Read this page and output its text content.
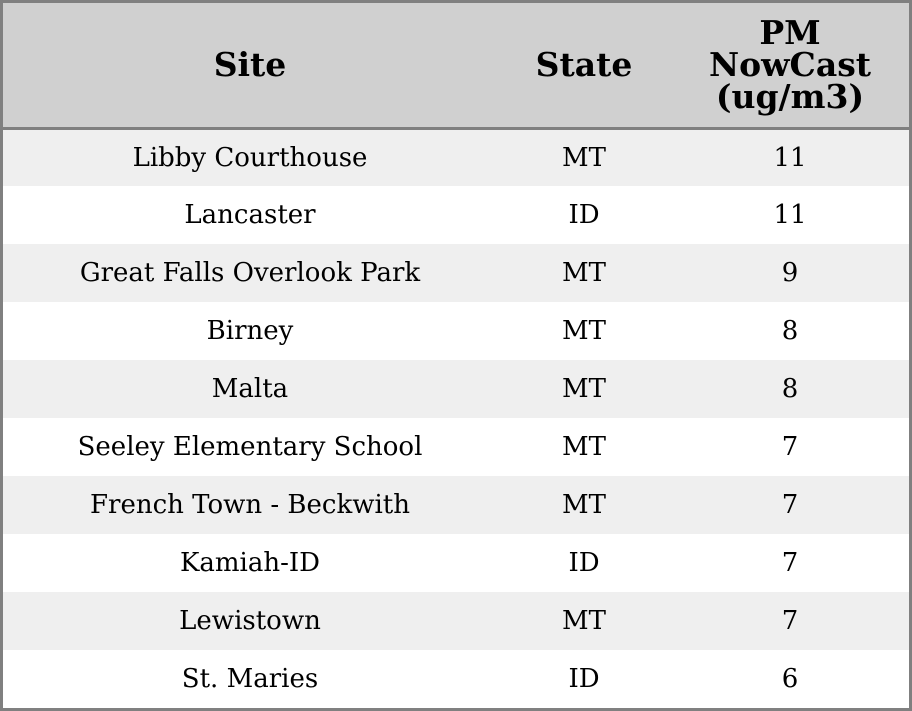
Site	State	PM
NowCast
(ug/m3)

Libby Courthouse	MT	11
Lancaster	ID	11
Great Falls Overlook Park	MT	9
Birney	MT	8
Malta	MT	8
Seeley Elementary School	MT	7
French Town - Beckwith	MT	7
Kamiah-ID	ID	7
Lewistown	MT	7
St. Maries	ID	6
